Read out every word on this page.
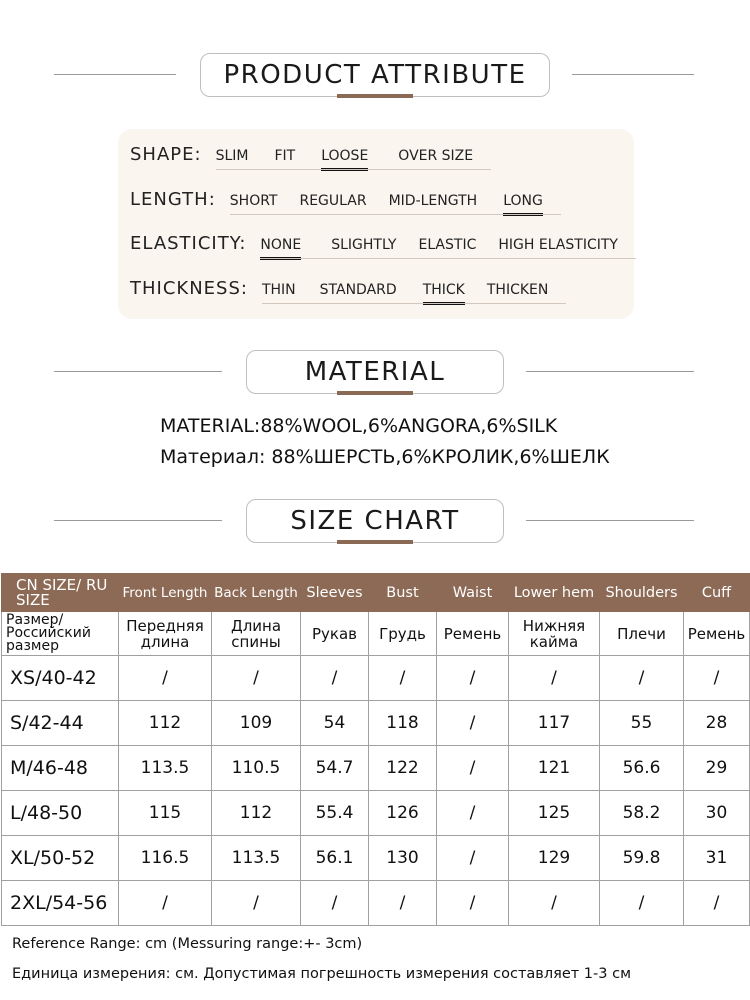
PRODUCT ATTRIBUTE
SHAPE: SLIM FIT LOOSE OVER SIZE
LENGTH: SHORT REGULAR MID-LENGTH LONG
ELASTICITY: NONE SLIGHTLY ELASTIC HIGH ELASTICITY
THICKNESS: THIN STANDARD THICK THICKEN
MATERIAL
MATERIAL:88%WOOL,6%ANGORA,6%SILK
Материал: 88%ШЕРСТЬ,6%КРОЛИК,6%ШЕЛК
SIZE CHART
CN SIZE/ RU SIZE	Front Length	Back Length	Sleeves	Bust	Waist	Lower hem	Shoulders	Cuff
Размер/ Российский размер	Передняя длина	Длина спины	Рукав	Грудь	Ремень	Нижняя кайма	Плечи	Ремень
XS/40-42	/	/	/	/	/	/	/	/
S/42-44	112	109	54	118	/	117	55	28
M/46-48	113.5	110.5	54.7	122	/	121	56.6	29
L/48-50	115	112	55.4	126	/	125	58.2	30
XL/50-52	116.5	113.5	56.1	130	/	129	59.8	31
2XL/54-56	/	/	/	/	/	/	/	/
Reference Range: cm (Messuring range:+- 3cm)
Единица измерения: см. Допустимая погрешность измерения составляет 1-3 см
